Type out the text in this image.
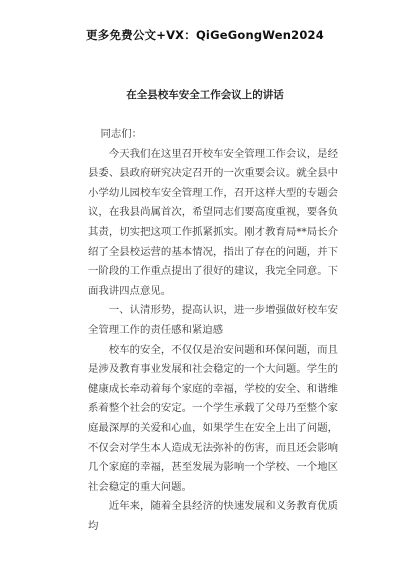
更多免费公文+VX：QiGeGongWen2024
在全县校车安全工作会议上的讲话

同志们：

今天我们在这里召开校车安全管理工作会议，是经县委、县政府研究决定召开的一次重要会议。就全县中小学幼儿园校车安全管理工作，召开这样大型的专题会议，在我县尚属首次，希望同志们要高度重视，要各负其责，切实把这项工作抓紧抓实。刚才教育局**局长介绍了全县校运营的基本情况，指出了存在的问题，并下一阶段的工作重点提出了很好的建议，我完全同意。下面我讲四点意见。

一、认清形势，提高认识，进一步增强做好校车安全管理工作的责任感和紧迫感

校车的安全，不仅仅是治安问题和环保问题，而且是涉及教育事业发展和社会稳定的一个大问题。学生的健康成长牵动着每个家庭的幸福，学校的安全、和谐维系着整个社会的安定。一个学生承载了父母乃至整个家庭最深厚的关爱和心血，如果学生在安全上出了问题，不仅会对学生本人造成无法弥补的伤害，而且还会影响几个家庭的幸福，甚至发展为影响一个学校、一个地区社会稳定的重大问题。

近年来，随着全县经济的快速发展和义务教育优质均
